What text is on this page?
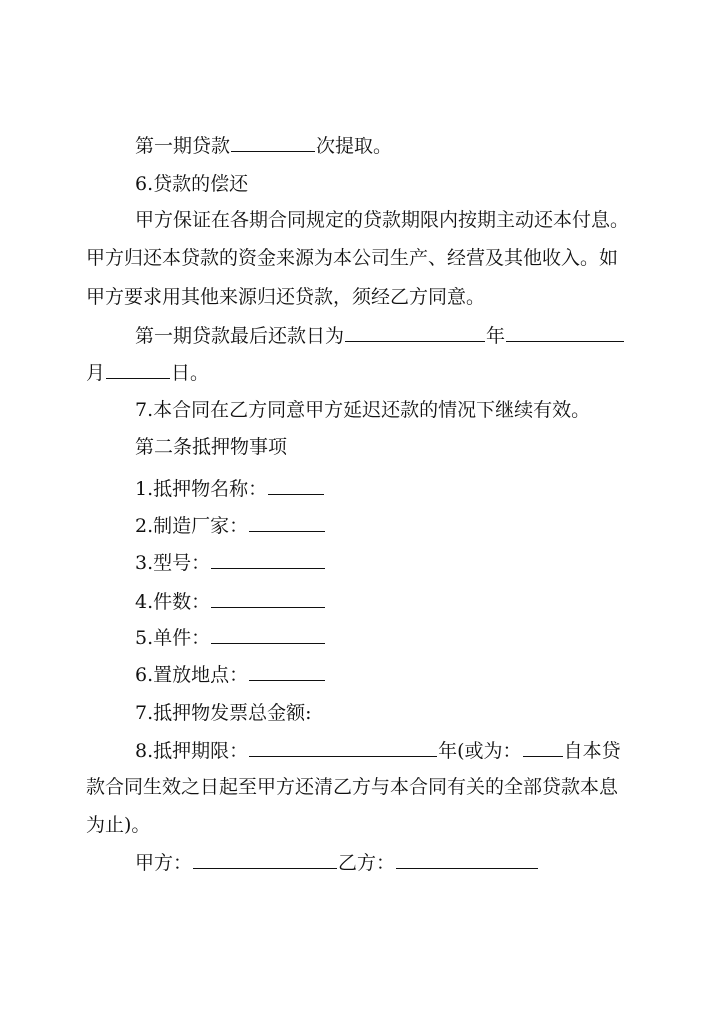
第一期贷款	次提取。
6.贷款的偿还
甲方保证在各期合同规定的贷款期限内按期主动还本付息。
甲方归还本贷款的资金来源为本公司生产、经营及其他收入。如
甲方要求用其他来源归还贷款，须经乙方同意。
第一期贷款最后还款日为	年
月	日。
7.本合同在乙方同意甲方延迟还款的情况下继续有效。
第二条抵押物事项
1.抵押物名称：
2.制造厂家：
3.型号：
4.件数：
5.单件：
6.置放地点：
7.抵押物发票总金额:
8.抵押期限：	年(或为： 自本贷
款合同生效之日起至甲方还清乙方与本合同有关的全部贷款本息
为止)。
甲方：	乙方：
